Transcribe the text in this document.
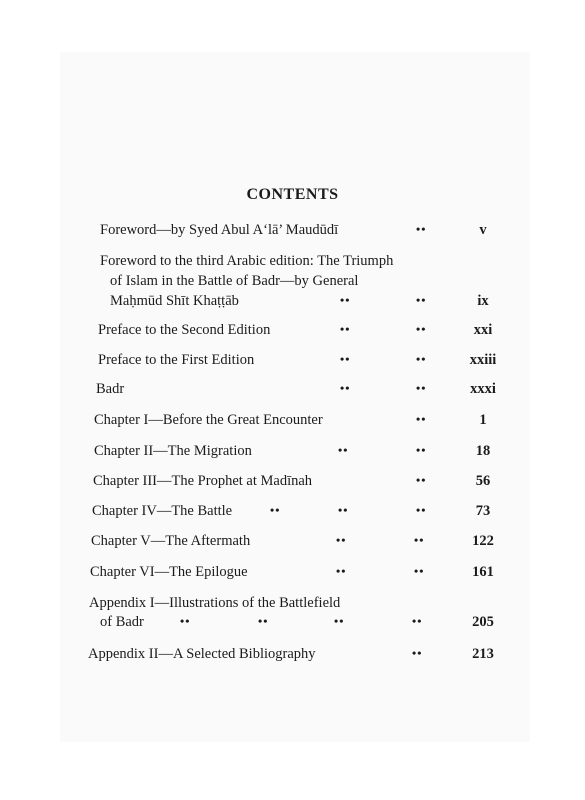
CONTENTS
Foreword—by Syed Abul A‘lā’ Maudūdī	••	v
Foreword to the third Arabic edition: The Triumph
of Islam in the Battle of Badr—by General
Maḥmūd Shīt Khaṭṭāb	••	••	ix
Preface to the Second Edition	••	••	xxi
Preface to the First Edition	••	••	xxiii
Badr	••	••	xxxi
Chapter I—Before the Great Encounter	••	1
Chapter II—The Migration	••	••	18
Chapter III—The Prophet at Madīnah	••	56
Chapter IV—The Battle	••	••	••	73
Chapter V—The Aftermath	••	••	122
Chapter VI—The Epilogue	••	••	161
Appendix I—Illustrations of the Battlefield
of Badr	••	••	••	••	205
Appendix II—A Selected Bibliography	••	213
